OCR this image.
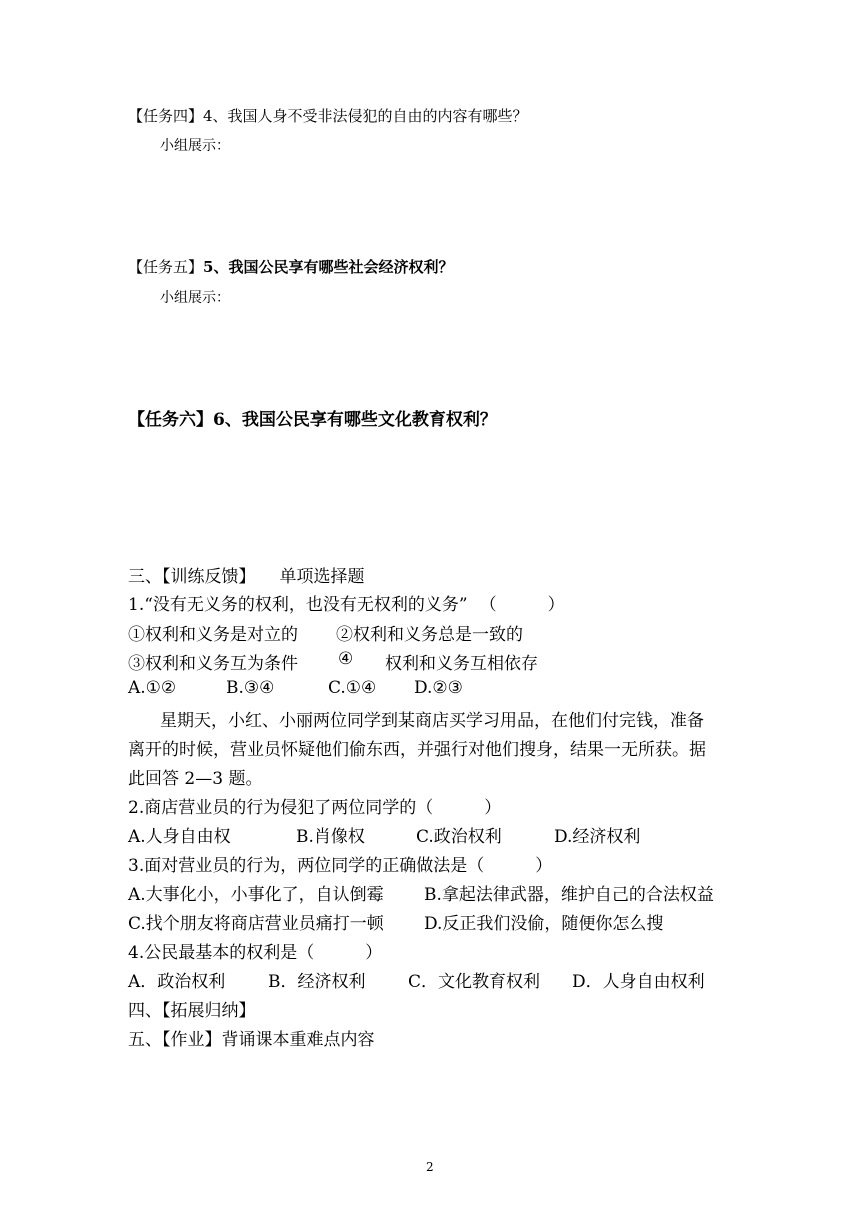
【任务四】4、我国人身不受非法侵犯的自由的内容有哪些？
小组展示：
【任务五】5、我国公民享有哪些社会经济权利？
小组展示：
【任务六】6、我国公民享有哪些文化教育权利？
三、【训练反馈】 单项选择题
1.“没有无义务的权利，也没有无权利的义务” （　　　）
①权利和义务是对立的 ②权利和义务总是一致的
③权利和义务互为条件 ④ 权利和义务互相依存
A.①②	B.③④	C.①④ D.②③
星期天，小红、小丽两位同学到某商店买学习用品，在他们付完钱，准备
离开的时候，营业员怀疑他们偷东西，并强行对他们搜身，结果一无所获。据
此回答 2—3 题。
2.商店营业员的行为侵犯了两位同学的（　　　）
A.人身自由权	B.肖像权	C.政治权利	D.经济权利
3.面对营业员的行为，两位同学的正确做法是（　　　）
A.大事化小，小事化了，自认倒霉 B.拿起法律武器，维护自己的合法权益
C.找个朋友将商店营业员痛打一顿 D.反正我们没偷，随便你怎么搜
4.公民最基本的权利是（　　　）
A．政治权利	B．经济权利	C．文化教育权利 D．人身自由权利
四、【拓展归纳】
五、【作业】背诵课本重难点内容
2
